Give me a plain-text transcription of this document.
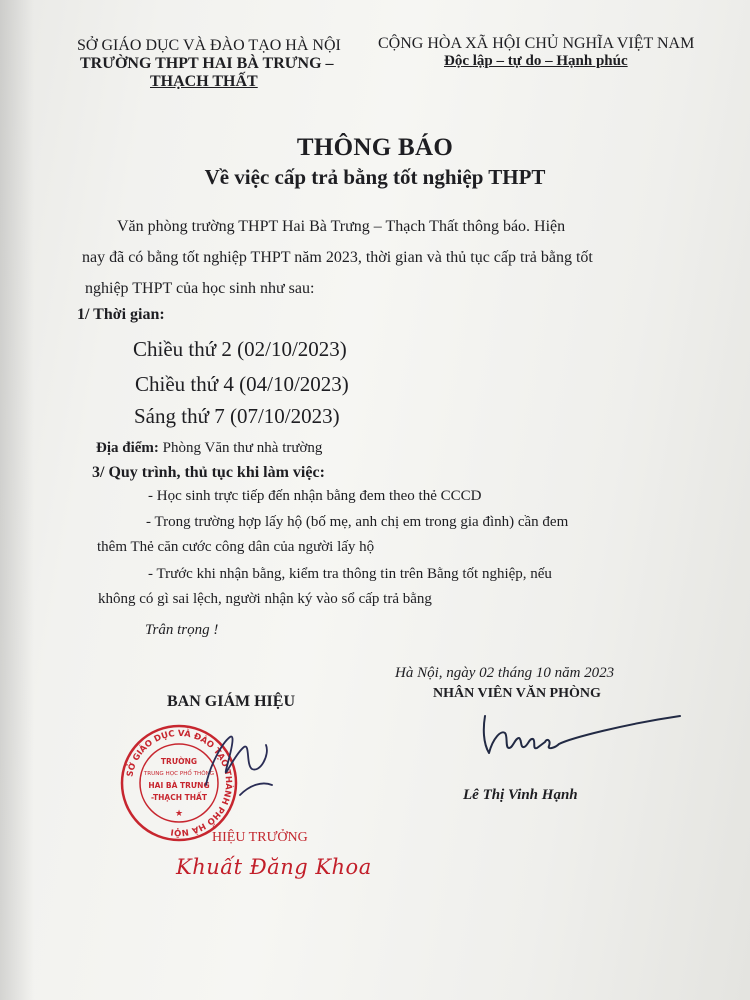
SỞ GIÁO DỤC VÀ ĐÀO TẠO HÀ NỘI
TRƯỜNG THPT HAI BÀ TRƯNG –
THẠCH THẤT
CỘNG HÒA XÃ HỘI CHỦ NGHĨA VIỆT NAM
Độc lập – tự do – Hạnh phúc
THÔNG BÁO
Về việc cấp trả bằng tốt nghiệp THPT
Văn phòng trường THPT Hai Bà Trưng – Thạch Thất thông báo. Hiện
nay đã có bằng tốt nghiệp THPT năm 2023, thời gian và thủ tục cấp trả bằng tốt
nghiệp THPT của học sinh như sau:
1/ Thời gian:
Chiều thứ 2 (02/10/2023)
Chiều thứ 4 (04/10/2023)
Sáng thứ 7 (07/10/2023)
Địa điểm: Phòng Văn thư nhà trường
3/ Quy trình, thủ tục khi làm việc:
- Học sinh trực tiếp đến nhận bằng đem theo thẻ CCCD
- Trong trường hợp lấy hộ (bố mẹ, anh chị em trong gia đình) cần đem
thêm Thẻ căn cước công dân của người lấy hộ
- Trước khi nhận bằng, kiểm tra thông tin trên Bằng tốt nghiệp, nếu
không có gì sai lệch, người nhận ký vào sổ cấp trả bằng
Trân trọng !
Hà Nội, ngày 02 tháng 10 năm 2023
NHÂN VIÊN VĂN PHÒNG
Lê Thị Vinh Hạnh
BAN GIÁM HIỆU
SỞ GIÁO DỤC VÀ ĐÀO TẠO THÀNH PHỐ HÀ NỘI
TRƯỜNG
TRUNG HỌC PHỔ THÔNG
HAI BÀ TRƯNG
-THẠCH THẤT
★
HIỆU TRƯỞNG
Khuất Đăng Khoa
